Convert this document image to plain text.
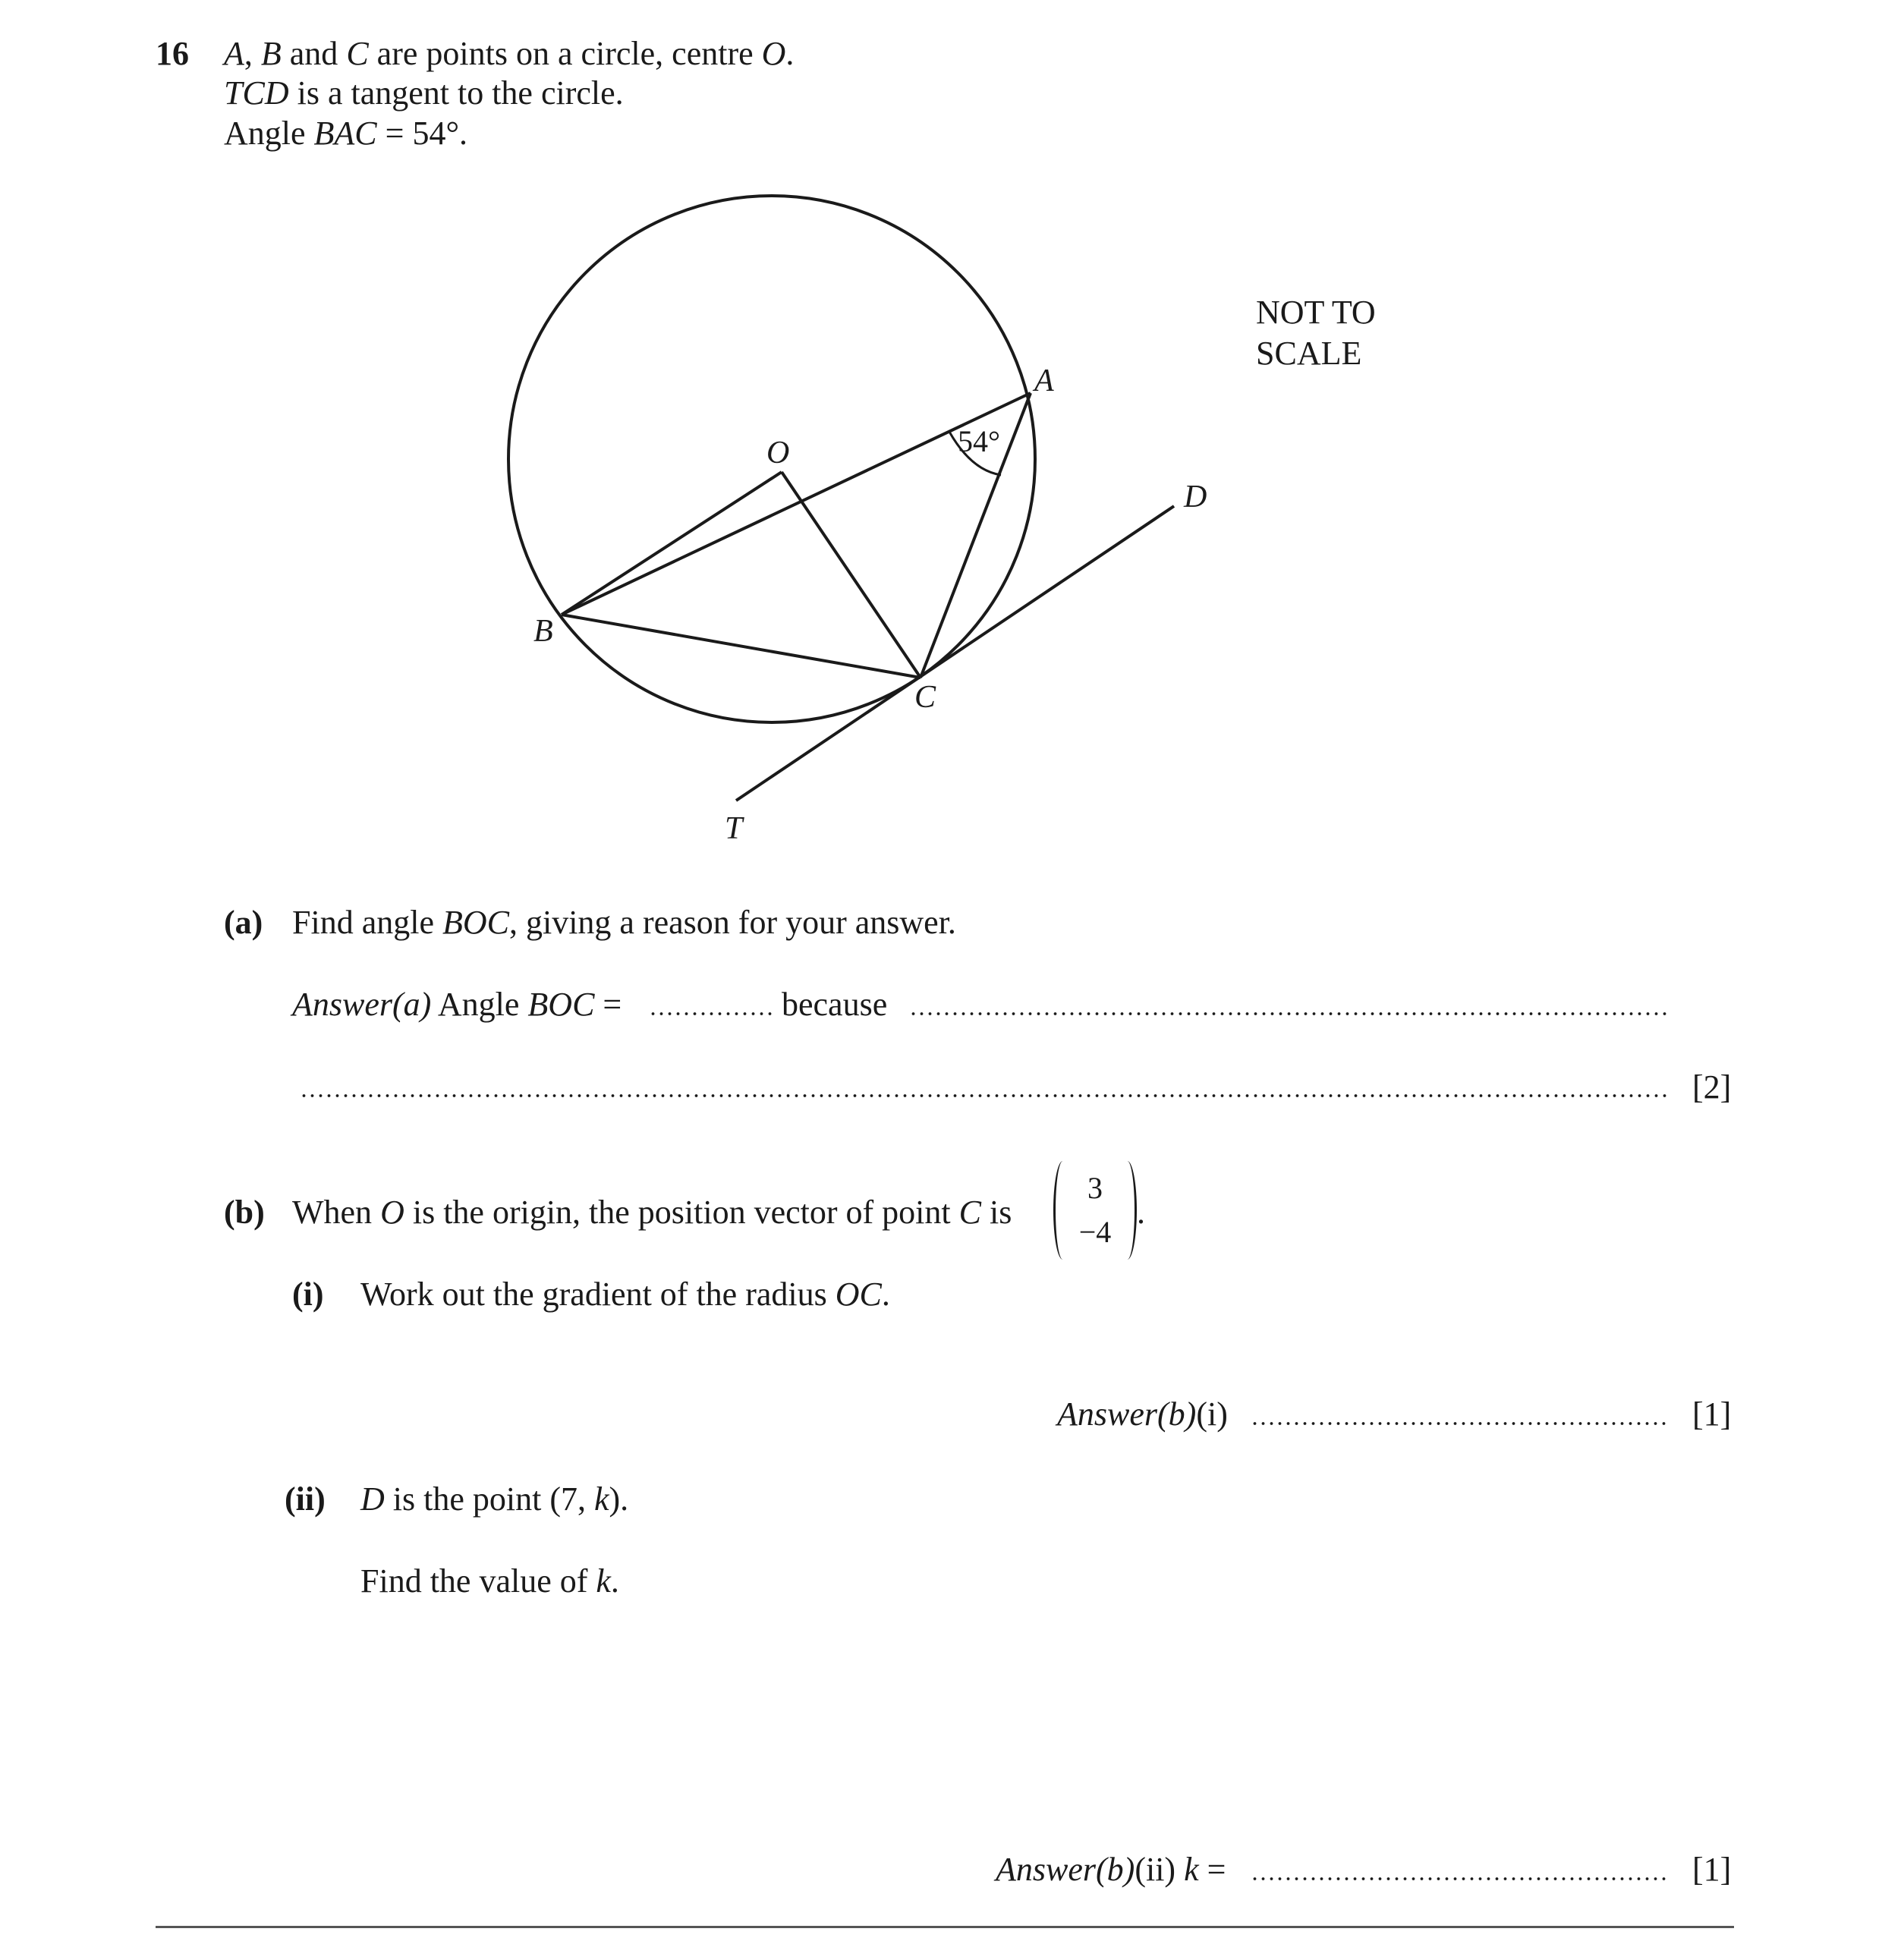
16 A, B and C are points on a circle, centre O.
TCD is a tangent to the circle.
Angle BAC = 54°.
A
B
C
D
O
T
54°
NOT TO
SCALE
(a) Find angle BOC, giving a reason for your answer.
Answer(a) Angle BOC =	because
[2]
(b) When O is the origin, the position vector of point C is
3
−4
.
(i) Work out the gradient of the radius OC.
Answer(b)(i)	[1]
(ii) D is the point (7, k).
Find the value of k.
Answer(b)(ii) k =	[1]
